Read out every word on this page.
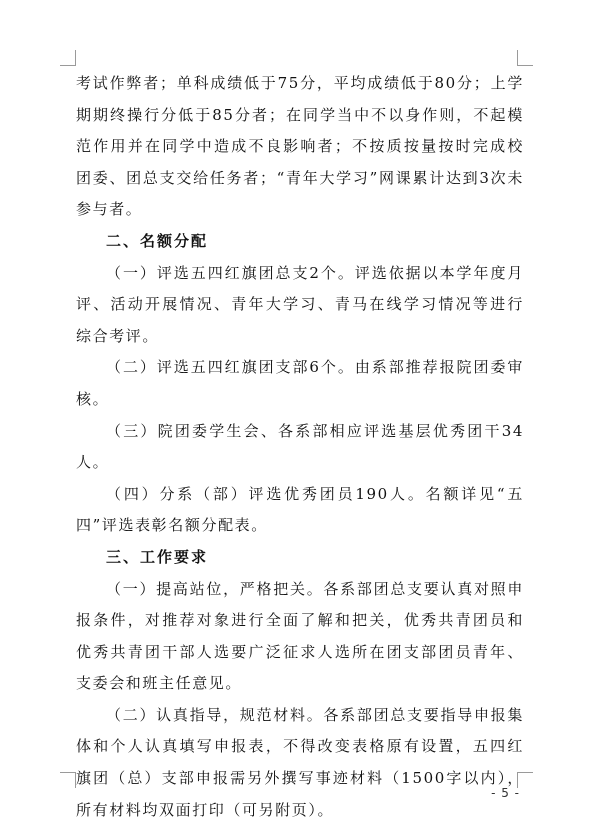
考试作弊者；单科成绩低于75分，平均成绩低于80分；上学期期终操行分低于85分者；在同学当中不以身作则，不起模范作用并在同学中造成不良影响者；不按质按量按时完成校团委、团总支交给任务者；“青年大学习”网课累计达到3次未参与者。

二、名额分配

（一）评选五四红旗团总支2个。评选依据以本学年度月评、活动开展情况、青年大学习、青马在线学习情况等进行综合考评。

（二）评选五四红旗团支部6个。由系部推荐报院团委审核。

（三）院团委学生会、各系部相应评选基层优秀团干34人。

（四）分系（部）评选优秀团员190人。名额详见“五四”评选表彰名额分配表。

三、工作要求

（一）提高站位，严格把关。各系部团总支要认真对照申报条件，对推荐对象进行全面了解和把关，优秀共青团员和优秀共青团干部人选要广泛征求人选所在团支部团员青年、支委会和班主任意见。

（二）认真指导，规范材料。各系部团总支要指导申报集体和个人认真填写申报表，不得改变表格原有设置，五四红旗团（总）支部申报需另外撰写事迹材料（1500字以内），所有材料均双面打印（可另附页）。

- 5 -
